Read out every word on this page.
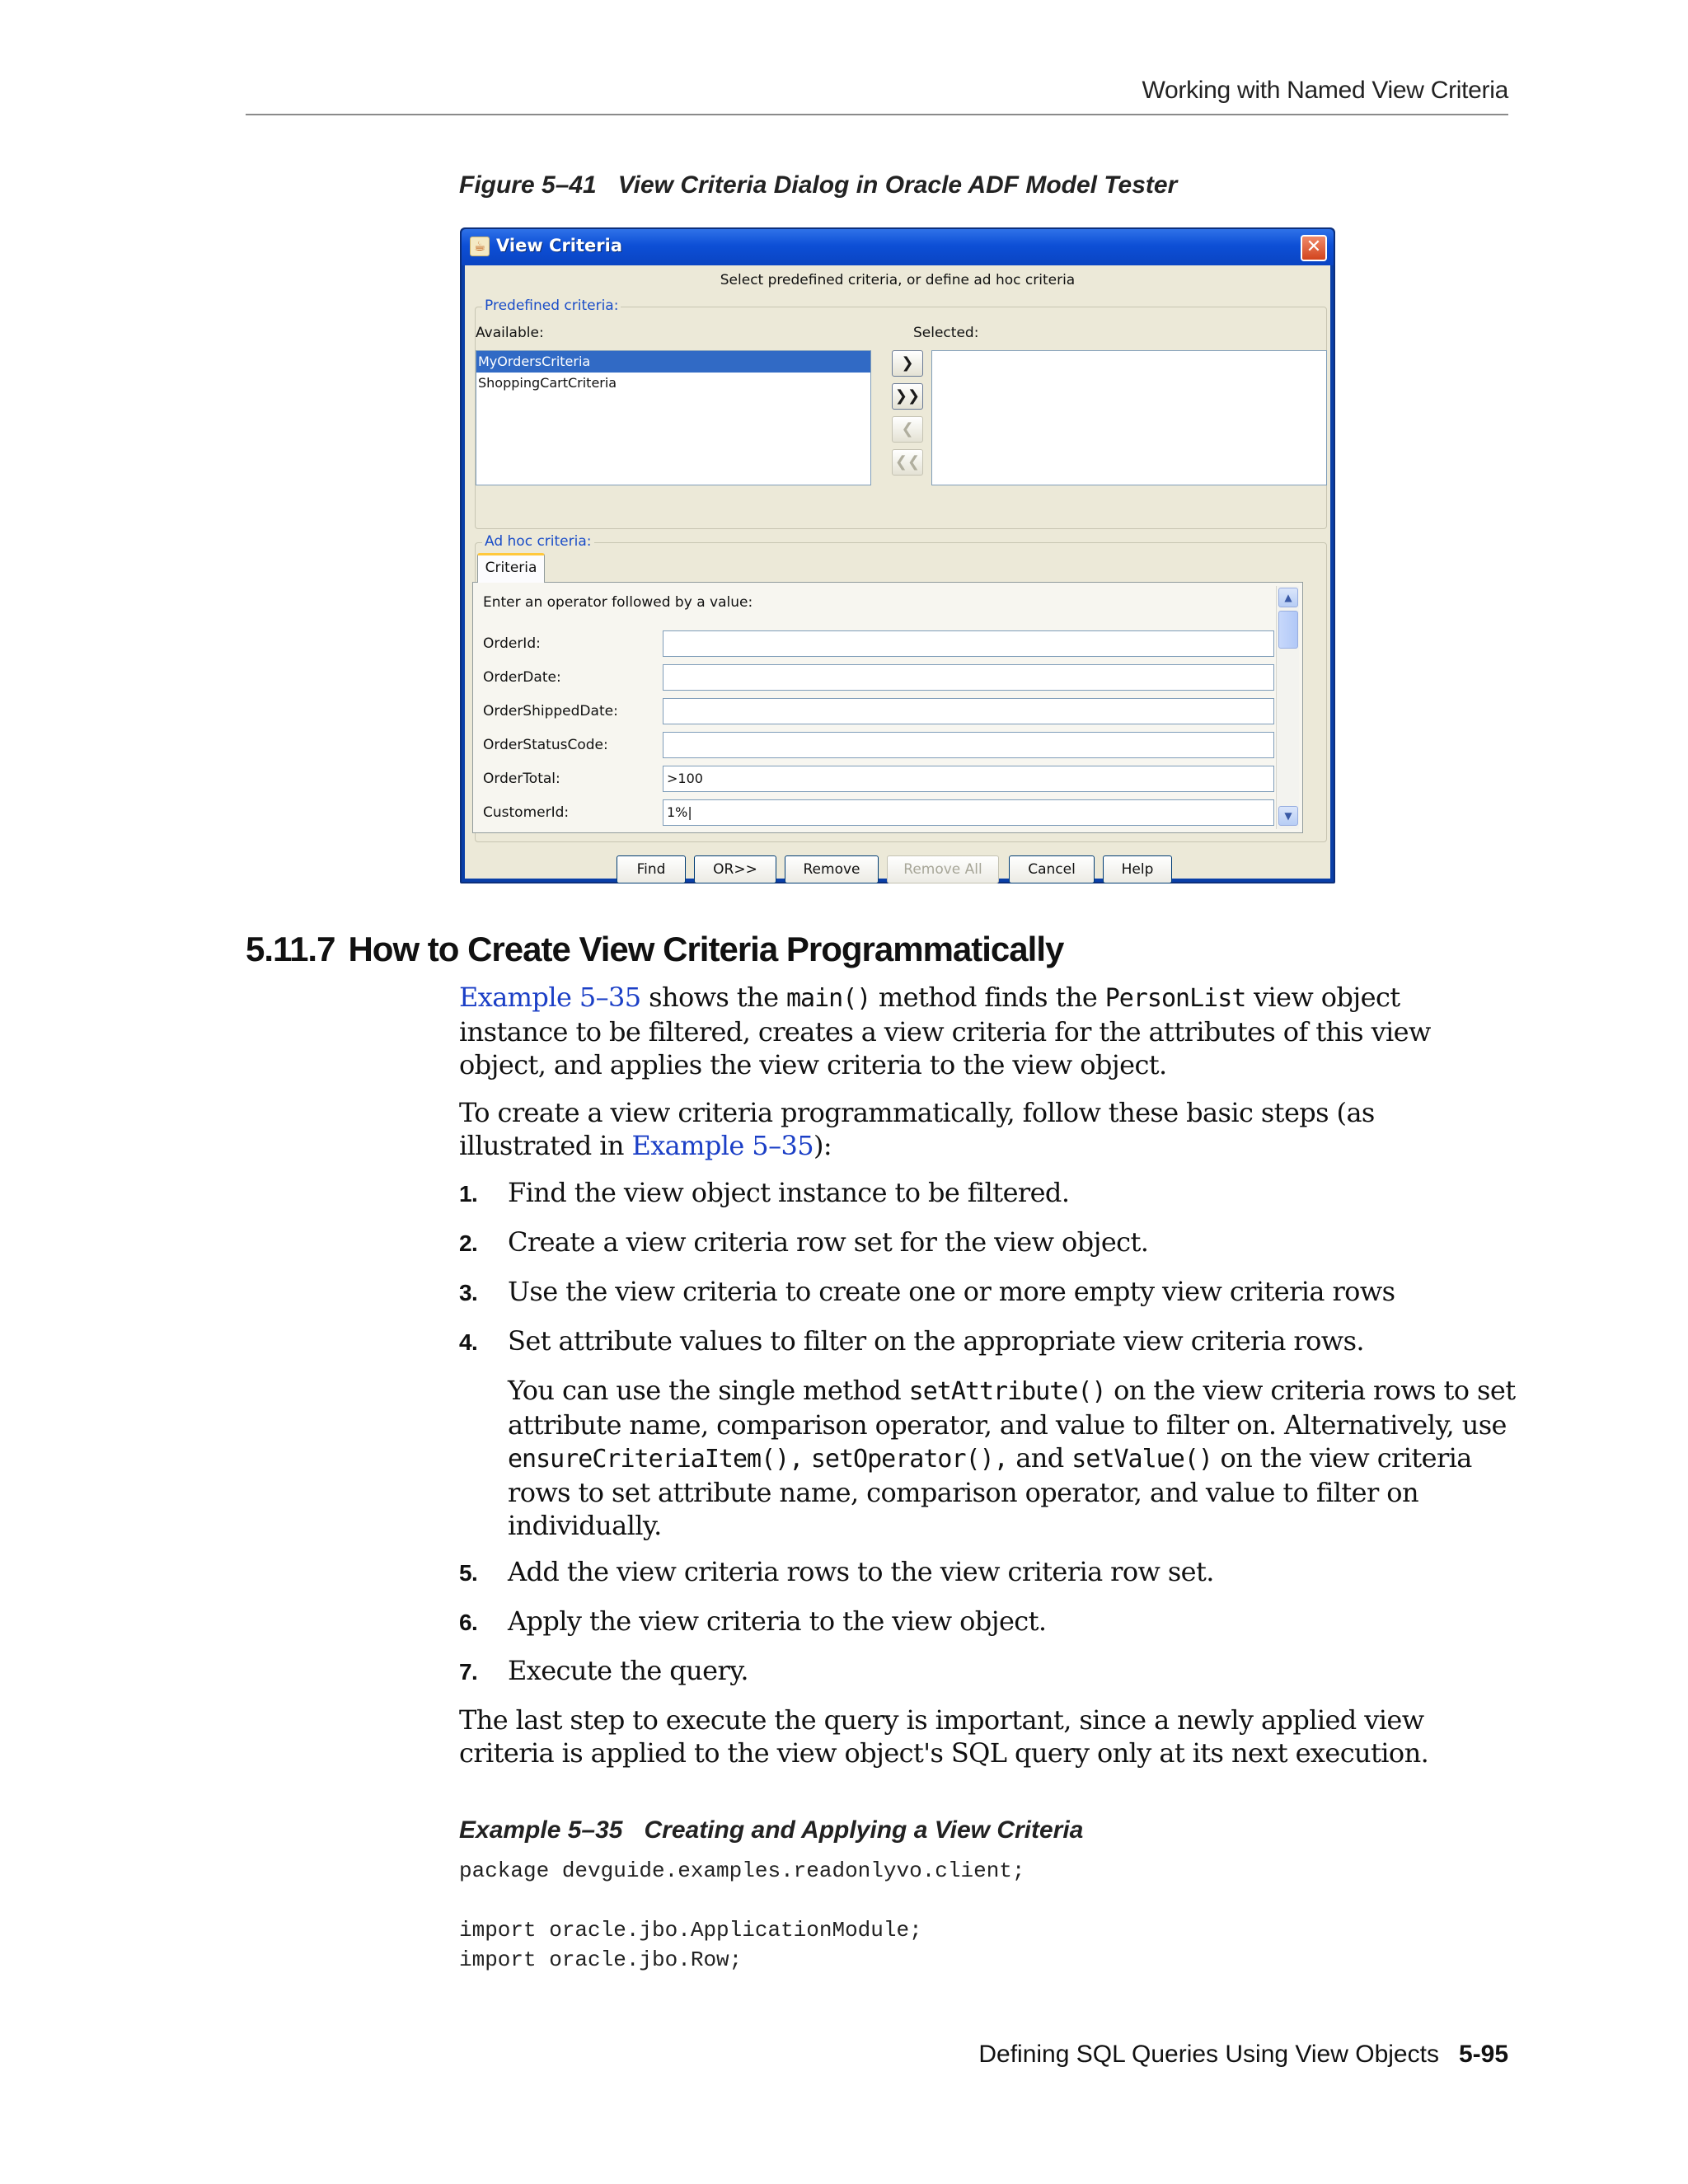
Working with Named View Criteria
Figure 5–41 View Criteria Dialog in Oracle ADF Model Tester
☕ View Criteria	✕
Select predefined criteria, or define ad hoc criteria
Predefined criteria:
Available:	Selected:
MyOrdersCriteria
ShoppingCartCriteria
❯
❯❯
❮
❮❮
Ad hoc criteria:
Criteria
Enter an operator followed by a value:
OrderId:
OrderDate:
OrderShippedDate:
OrderStatusCode:
OrderTotal:	>100
CustomerId:	1%|
▲
▼
Find	OR>>	Remove	Remove All	Cancel	Help
5.11.7 How to Create View Criteria Programmatically
Example 5–35 shows the main() method finds the PersonList view object instance to be filtered, creates a view criteria for the attributes of this view object, and applies the view criteria to the view object.
To create a view criteria programmatically, follow these basic steps (as illustrated in Example 5–35):
1. Find the view object instance to be filtered.
2. Create a view criteria row set for the view object.
3. Use the view criteria to create one or more empty view criteria rows
4. Set attribute values to filter on the appropriate view criteria rows.
You can use the single method setAttribute() on the view criteria rows to set attribute name, comparison operator, and value to filter on. Alternatively, use ensureCriteriaItem(), setOperator(), and setValue() on the view criteria rows to set attribute name, comparison operator, and value to filter on individually.
5. Add the view criteria rows to the view criteria row set.
6. Apply the view criteria to the view object.
7. Execute the query.
The last step to execute the query is important, since a newly applied view criteria is applied to the view object's SQL query only at its next execution.
Example 5–35 Creating and Applying a View Criteria
package devguide.examples.readonlyvo.client;
import oracle.jbo.ApplicationModule;
import oracle.jbo.Row;
Defining SQL Queries Using View Objects 5-95
